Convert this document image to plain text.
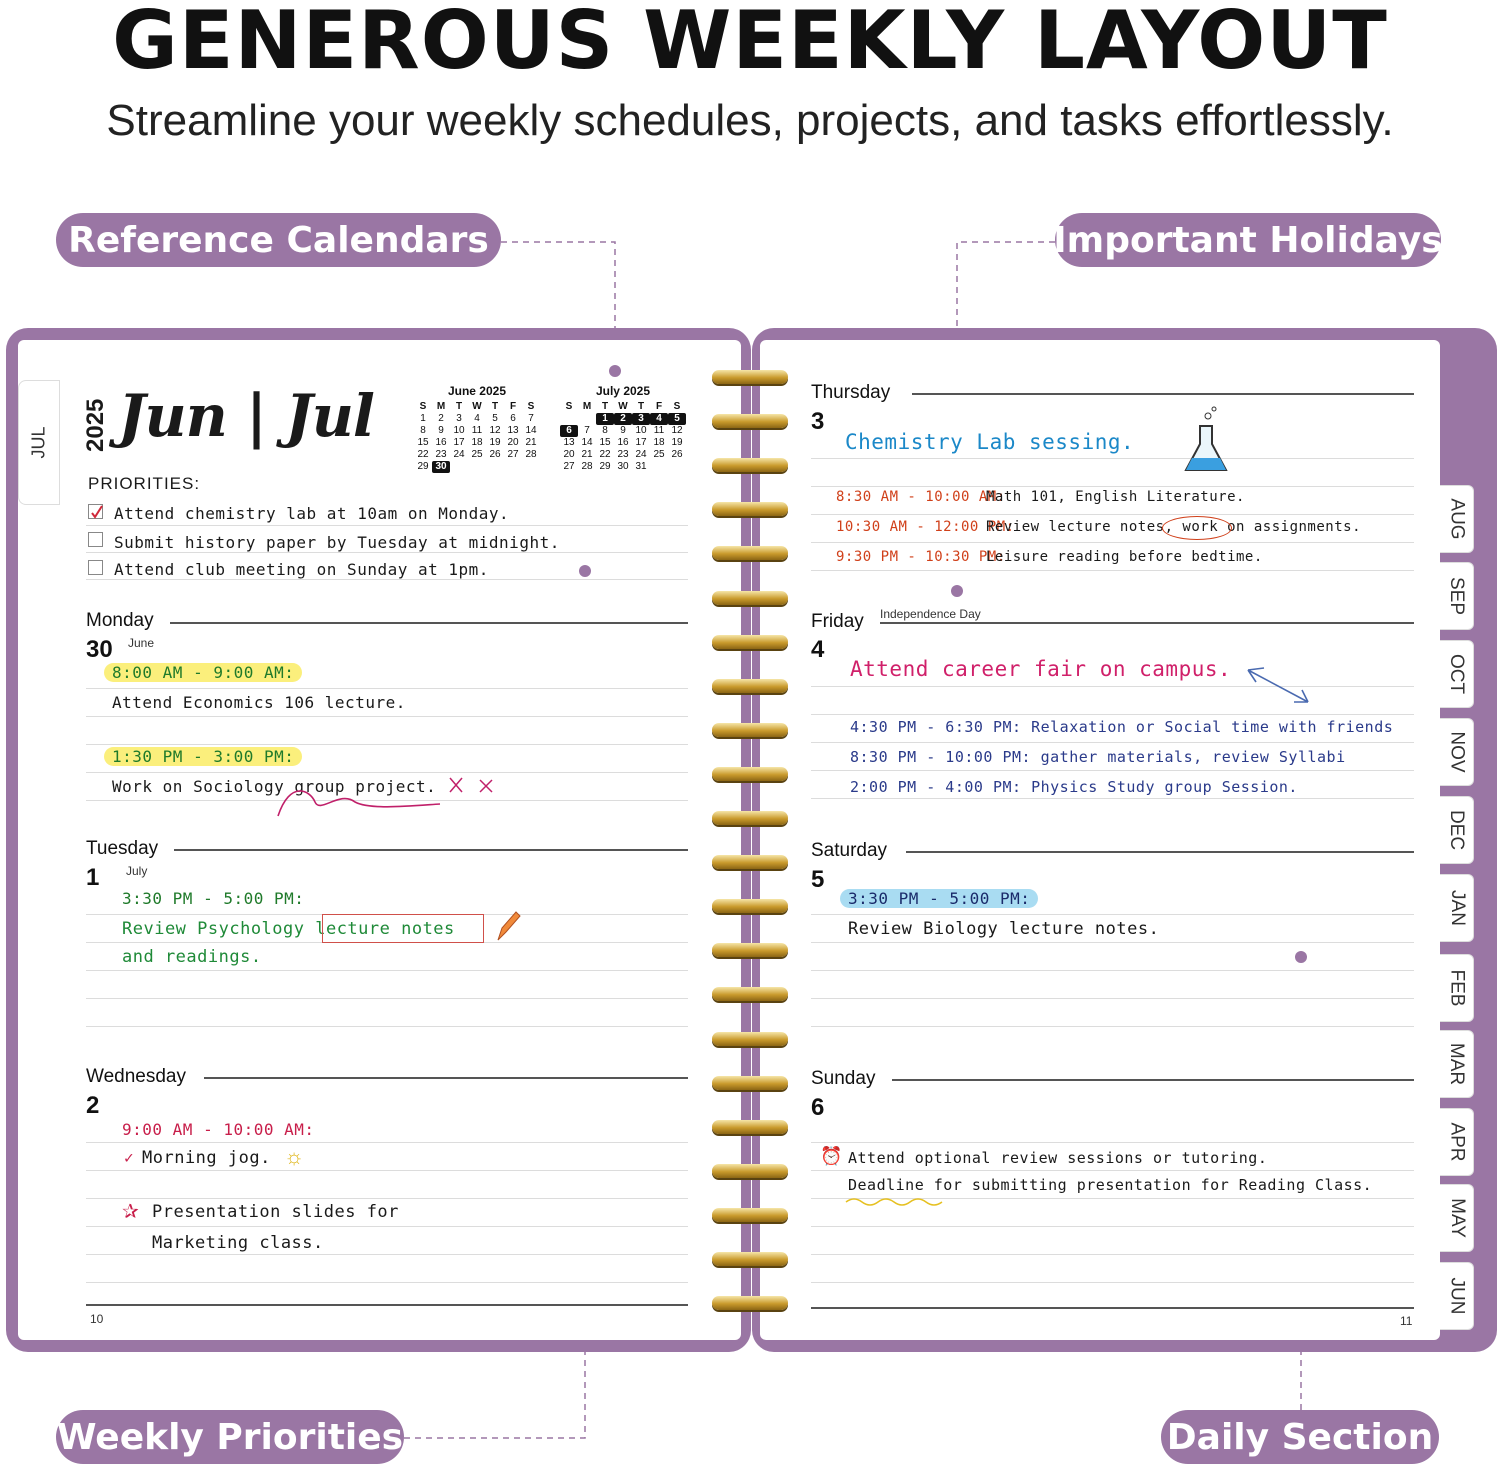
GENEROUS WEEKLY LAYOUT
Streamline your weekly schedules, projects, and tasks effortlessly.
Reference Calendars	Important Holidays
Weekly Priorities	Daily Section
JUL 2025 Jun | Jul	June 2025
S	M	T	W	T	F	S
1	2	3	4	5	6	7
8	9	10	11	12	13	14
15	16	17	18	19	20	21
22	23	24	25	26	27	28
29	30					
July 2025
S	M	T	W	T	F	S
		1	2	3	4	5
6	7	8	9	10	11	12
13	14	15	16	17	18	19
20	21	22	23	24	25	26
27	28	29	30	31		
PRIORITIES:
Attend chemistry lab at 10am on Monday.
Submit history paper by Tuesday at midnight.
Attend club meeting on Sunday at 1pm.
Monday
30 June
8:00 AM - 9:00 AM:
Attend Economics 106 lecture.
1:30 PM - 3:00 PM:
Work on Sociology group project.
Tuesday
1 July
3:30 PM - 5:00 PM:
Review Psychology lecture notes
and readings.
Wednesday
2
9:00 AM - 10:00 AM:
✓ Morning jog. ☼
✰ Presentation slides for
Marketing class.
10
AUG
SEP
OCT
NOV
DEC
JAN
FEB
MAR
APR
MAY
JUN
Thursday
3
Chemistry Lab sessing.
8:30 AM - 10:00 AM:
Math 101, English Literature.
10:30 AM - 12:00 PM:
Review lecture notes, work on assignments.
9:30 PM - 10:30 PM:
Leisure reading before bedtime.
Friday Independence Day
4
Attend career fair on campus.
4:30 PM - 6:30 PM: Relaxation or Social time with friends
8:30 PM - 10:00 PM: gather materials, review Syllabi
2:00 PM - 4:00 PM: Physics Study group Session.
Saturday
5
3:30 PM - 5:00 PM:
Review Biology lecture notes.
Sunday
6
⏰ Attend optional review sessions or tutoring.
Deadline for submitting presentation for Reading Class.
11
